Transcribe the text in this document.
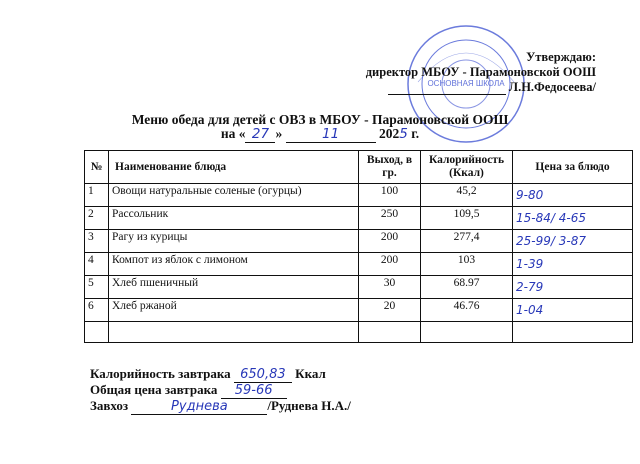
ОСНОВНАЯ ШКОЛА
Утверждаю:
директор МБОУ - Парамоновской ООШ
Л.Н.Федосеева/
Меню обеда для детей с ОВЗ в МБОУ - Парамоновской ООШ
на « 27 »	11	2025 г.
№	Наименование блюда	Выход, в гр.	Калорийность (Ккал)	Цена за блюдо
1	Овощи натуральные соленые (огурцы)	100	45,2	9-80
2	Рассольник	250	109,5	15-84/ 4-65
3	Рагу из курицы	200	277,4	25-99/ 3-87
4	Компот из яблок с лимоном	200	103	1-39
5	Хлеб пшеничный	30	68.97	2-79
6	Хлеб ржаной	20	46.76	1-04

Калорийность завтрака 650,83 Ккал
Общая цена завтрака 59-66
Завхоз	Руднева	/Руднева Н.А./
